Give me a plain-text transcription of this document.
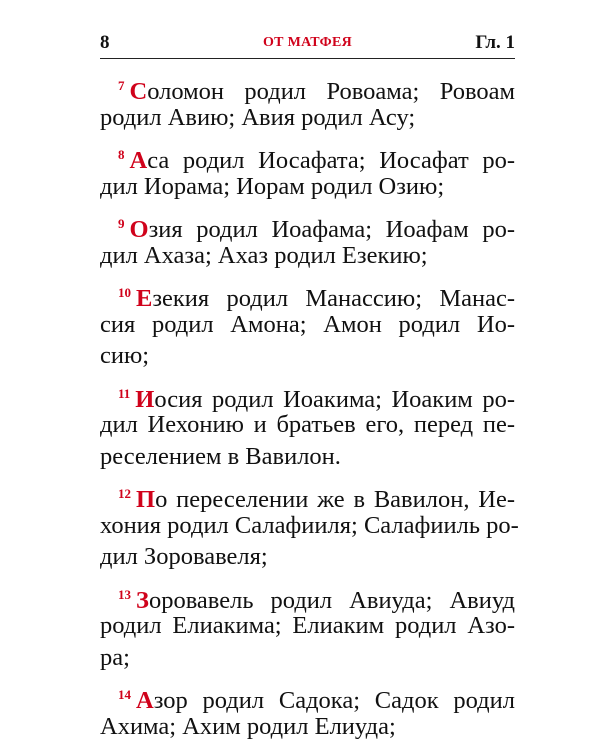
8	ОТ МАТФЕЯ	Гл. 1
$^7$ Соломон родил Ровоама; Ровоам
родил Авию; Авия родил Асу;
$^8$ Аса родил Иосафата; Иосафат ро-
дил Иорама; Иорам родил Озию;
$^9$ Озия родил Иоафама; Иоафам ро-
дил Ахаза; Ахаз родил Езекию;
$^{10}$ Езекия родил Манассию; Манас-
сия родил Амона; Амон родил Ио-
сию;
$^{11}$ Иосия родил Иоакима; Иоаким ро-
дил Иехонию и братьев его, перед пе-
реселением в Вавилон.
$^{12}$ По переселении же в Вавилон, Ие-
хония родил Салафииля; Салафииль ро-
дил Зоровавеля;
$^{13}$ Зоровавель родил Авиуда; Авиуд
родил Елиакима; Елиаким родил Азо-
ра;
$^{14}$ Азор родил Садока; Садок родил
Ахима; Ахим родил Елиуда;
